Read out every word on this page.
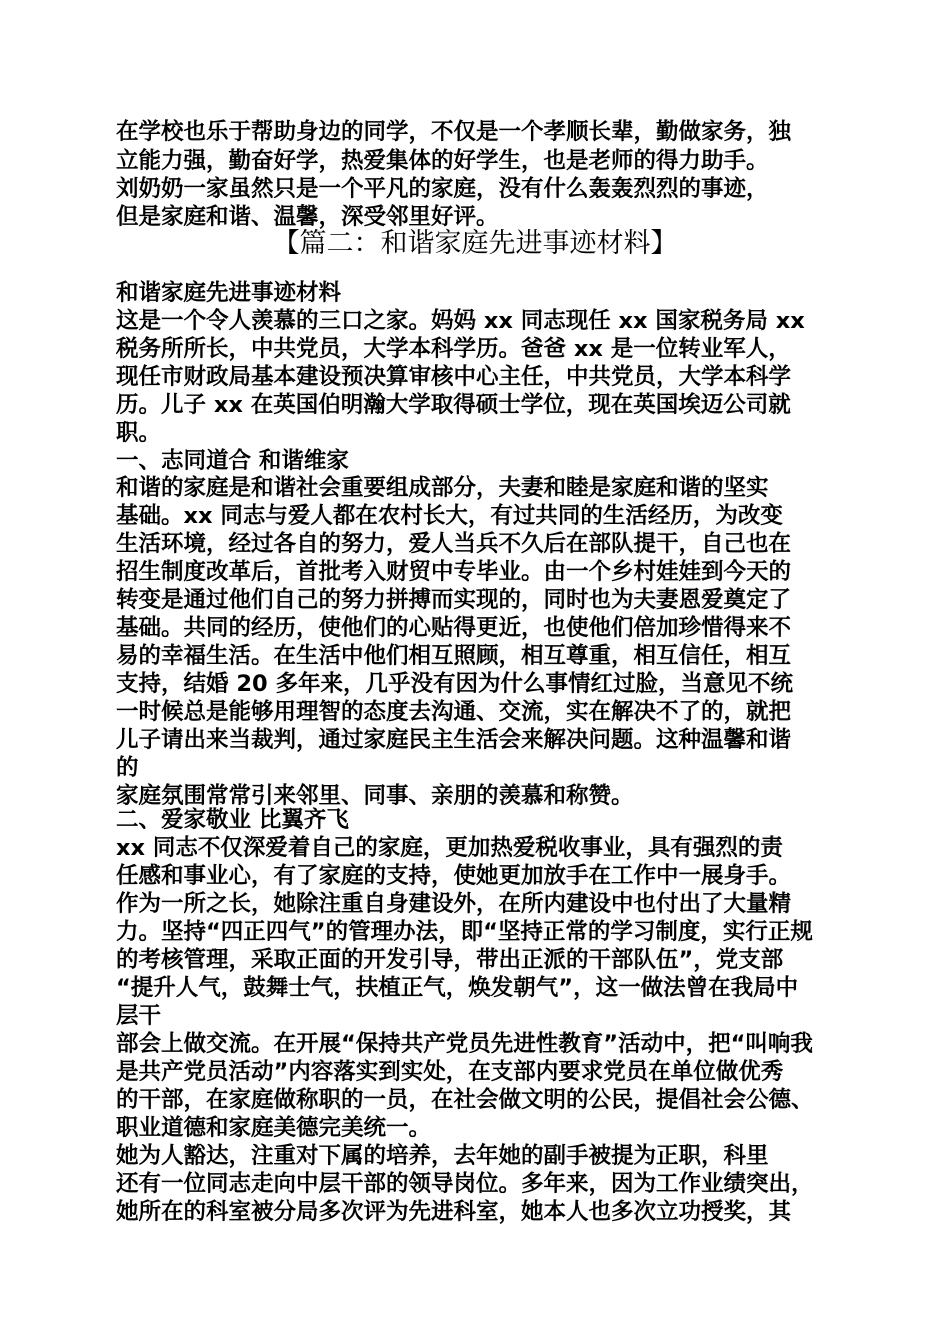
在学校也乐于帮助身边的同学，不仅是一个孝顺长辈，勤做家务，独
立能力强，勤奋好学，热爱集体的好学生，也是老师的得力助手。
刘奶奶一家虽然只是一个平凡的家庭，没有什么轰轰烈烈的事迹，
但是家庭和谐、温馨，深受邻里好评。
【篇二：和谐家庭先进事迹材料】
和谐家庭先进事迹材料
这是一个令人羡慕的三口之家。妈妈 xx 同志现任 xx 国家税务局 xx
税务所所长，中共党员，大学本科学历。爸爸 xx 是一位转业军人，
现任市财政局基本建设预决算审核中心主任，中共党员，大学本科学
历。儿子 xx 在英国伯明瀚大学取得硕士学位，现在英国埃迈公司就
职。
一、志同道合 和谐维家
和谐的家庭是和谐社会重要组成部分，夫妻和睦是家庭和谐的坚实
基础。xx 同志与爱人都在农村长大，有过共同的生活经历，为改变
生活环境，经过各自的努力，爱人当兵不久后在部队提干，自己也在
招生制度改革后，首批考入财贸中专毕业。由一个乡村娃娃到今天的
转变是通过他们自己的努力拼搏而实现的，同时也为夫妻恩爱奠定了
基础。共同的经历，使他们的心贴得更近，也使他们倍加珍惜得来不
易的幸福生活。在生活中他们相互照顾，相互尊重，相互信任，相互
支持，结婚 20 多年来，几乎没有因为什么事情红过脸，当意见不统
一时候总是能够用理智的态度去沟通、交流，实在解决不了的，就把
儿子请出来当裁判，通过家庭民主生活会来解决问题。这种温馨和谐
的
家庭氛围常常引来邻里、同事、亲朋的羡慕和称赞。
二、爱家敬业 比翼齐飞
xx 同志不仅深爱着自己的家庭，更加热爱税收事业，具有强烈的责
任感和事业心，有了家庭的支持，使她更加放手在工作中一展身手。
作为一所之长，她除注重自身建设外，在所内建设中也付出了大量精
力。坚持“四正四气”的管理办法，即“坚持正常的学习制度，实行正规
的考核管理，采取正面的开发引导，带出正派的干部队伍”，党支部
“提升人气，鼓舞士气，扶植正气，焕发朝气”，这一做法曾在我局中
层干
部会上做交流。在开展“保持共产党员先进性教育”活动中，把“叫响我
是共产党员活动”内容落实到实处，在支部内要求党员在单位做优秀
的干部，在家庭做称职的一员，在社会做文明的公民，提倡社会公德、
职业道德和家庭美德完美统一。
她为人豁达，注重对下属的培养，去年她的副手被提为正职，科里
还有一位同志走向中层干部的领导岗位。多年来，因为工作业绩突出，
她所在的科室被分局多次评为先进科室，她本人也多次立功授奖，其
